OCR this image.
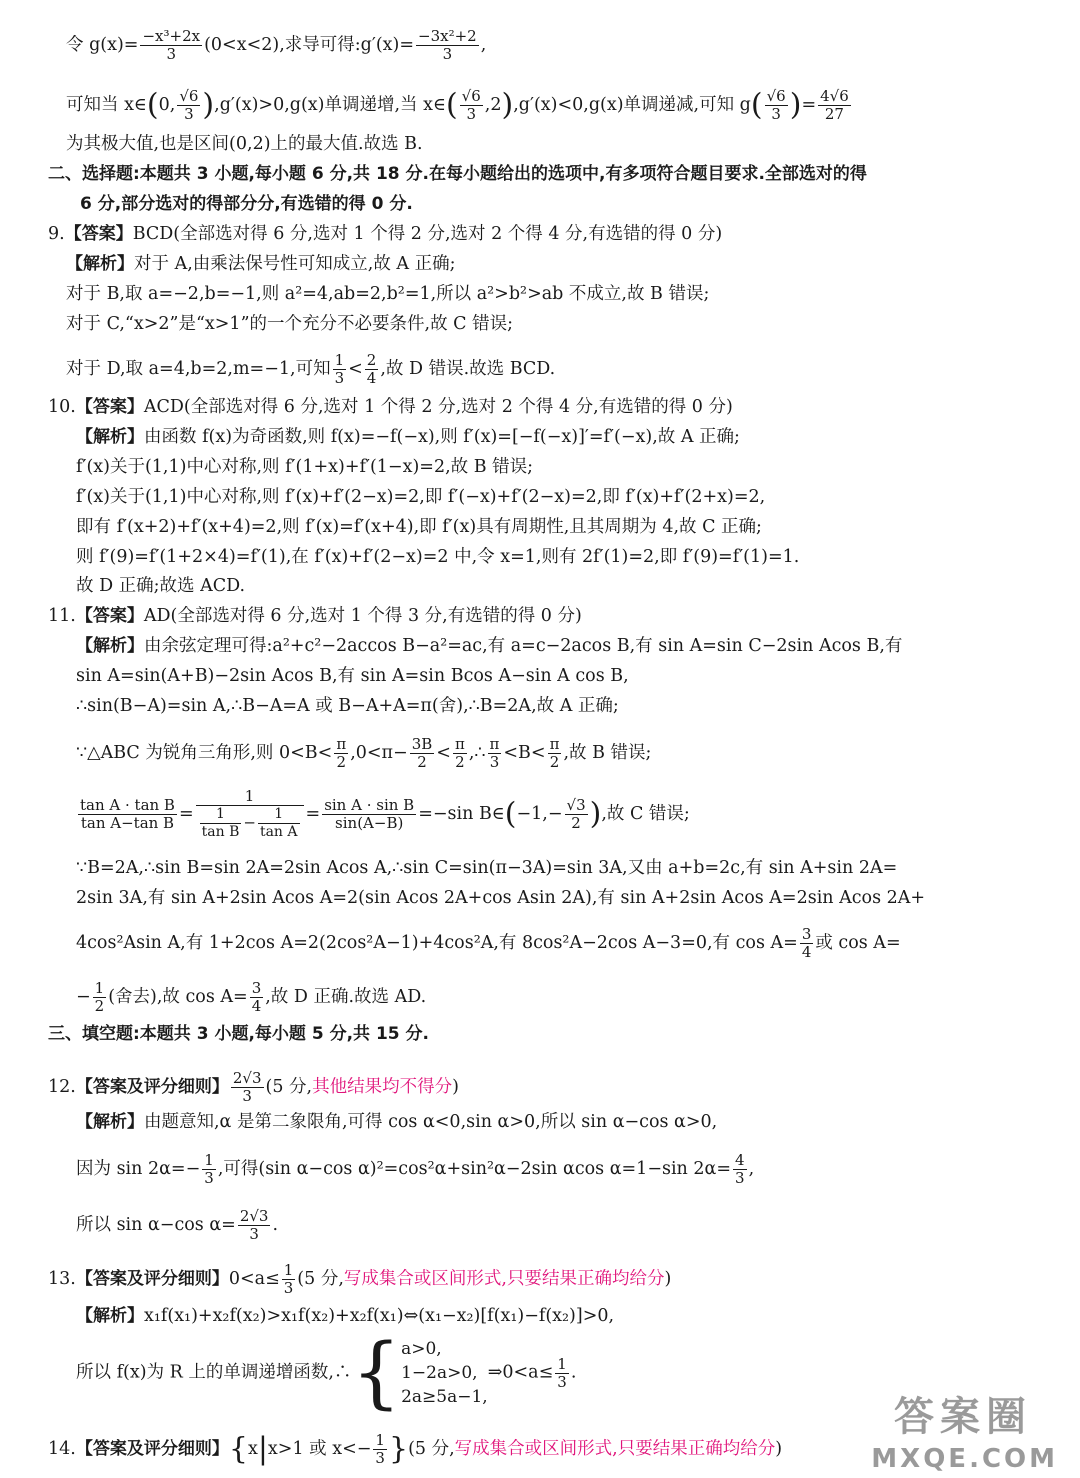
令 $g(x)= \frac{\text{−x³+2x}}{3} (0<x<2)$,求导可得:g′(x)= $\frac{\text{−3x²+2}}{3}$ ,
可知当 x∈(0, $\frac{√6}{3} ),g'(x)>0,g(x)$单调递增,当 x∈( $\frac{√6}{3} ,2),g'(x)<0,g(x)$单调递减,可知 $g( \frac{√6}{3}$ )= $\frac{4√6}{27}$
为其极大值,也是区间(0,2)上的最大值.故选 B.
二、选择题:本题共 3 小题,每小题 6 分,共 18 分.在每小题给出的选项中,有多项符合题目要求.全部选对的得
6 分,部分选对的得部分分,有选错的得 0 分.
9.【答案】BCD(全部选对得 6 分,选对 1 个得 2 分,选对 2 个得 4 分,有选错的得 0 分)
【解析】对于 A,由乘法保号性可知成立,故 A 正确;
对于 B,取 a=−2,b=−1,则 a²=4,ab=2,b²=1,所以 a²>b²>ab 不成立,故 B 错误;
对于 C,“x>2”是“x>1”的一个充分不必要条件,故 C 错误;
对于 D,取 a=4,b=2,m=−1,可知 $\frac{1}{3} < \frac{2}{4}$ ,故 D 错误.故选 BCD.
10.【答案】ACD(全部选对得 6 分,选对 1 个得 2 分,选对 2 个得 4 分,有选错的得 0 分)
【解析】由函数 f(x)为奇函数,则 f(x)=−f(−x),则 f′(x)=[−f(−x)]′=f′(−x),故 A 正确;
f′(x)关于(1,1)中心对称,则 f′(1+x)+f′(1−x)=2,故 B 错误;
f′(x)关于(1,1)中心对称,则 f′(x)+f′(2−x)=2,即 f′(−x)+f′(2−x)=2,即 f′(x)+f′(2+x)=2,
即有 f′(x+2)+f′(x+4)=2,则 f′(x)=f′(x+4),即 f′(x)具有周期性,且其周期为 4,故 C 正确;
则 f′(9)=f′(1+2×4)=f′(1),在 f′(x)+f′(2−x)=2 中,令 x=1,则有 2f′(1)=2,即 f′(9)=f′(1)=1.
故 D 正确;故选 ACD.
11.【答案】AD(全部选对得 6 分,选对 1 个得 3 分,有选错的得 0 分)
【解析】由余弦定理可得:a²+c²−2accos B−a²=ac,有 a=c−2acos B,有 sin A=sin C−2sin Acos B,有
sin A=sin(A+B)−2sin Acos B,有 sin A=sin Bcos A−sin A cos B,
∴sin(B−A)=sin A,∴B−A=A 或 B−A+A=π(舍),∴B=2A,故 A 正确;
∵△ABC 为锐角三角形,则 $0<B< \frac{\pi}{2} ,0<\pi- \frac{3B}{2} < \frac{\pi}{2}$ ,∴ $\frac{\pi}{3} <B< \frac{\pi}{2}$ ,故 B 错误;
$\frac{\text{tan A · tan B}}{\text{tan A−tan B}} = \frac{1}{\frac{1}{\text{tan B}} - \frac{1}{\text{tan A}}} = \frac{\text{sin A · sin B}}{\sin(A-B)} =-\sin$ B∈(−1,− $\frac{√3}{2}$ ),故 C 错误;
∵B=2A,∴sin B=sin 2A=2sin Acos A,∴sin C=sin(π−3A)=sin 3A,又由 a+b=2c,有 sin A+sin 2A=
2sin 3A,有 sin A+2sin Acos A=2(sin Acos 2A+cos Asin 2A),有 sin A+2sin Acos A=2sin Acos 2A+
4cos²Asin A,有 1+2cos A=2(2cos²A−1)+4cos²A,有 8cos²A−2cos A−3=0,有 $\cos A= \frac{3}{4}$ 或 cos A=
− $\frac{1}{2}$ (舍去),故 $\cos A= \frac{3}{4}$ ,故 D 正确.故选 AD.
三、填空题:本题共 3 小题,每小题 5 分,共 15 分.
12.【答案及评分细则】 $\frac{2√3}{3} (5$ 分,其他结果均不得分)
【解析】由题意知,α 是第二象限角,可得 cos α<0,sin α>0,所以 sin α−cos α>0,
因为 $\sin 2\alpha=- \frac{1}{3}$ ,可得(sin α−cos α)²=cos²α+sin²α−2sin αcos α=1−sin $2\alpha= \frac{4}{3}$ ,
所以 sin α−cos $\alpha= \frac{2√3}{3}$ .
13.【答案及评分细则】$0<a\le \frac{1}{3} (5$ 分,写成集合或区间形式,只要结果正确均给分)
【解析】x₁f(x₁)+x₂f(x₂)>x₁f(x₂)+x₂f(x₁)⇔(x₁−x₂)[f(x₁)−f(x₂)]>0,
所以 f(x)为 R 上的单调递增函数,∴{ a>0,
1−2a>0,
2a≥5a−1,
⇒0<a≤ $\frac{1}{3}$ .
14.【答案及评分细则】{x|x>1 或 $x<- \frac{1}{3} \}(5$ 分,写成集合或区间形式,只要结果正确均给分)
答案圈
MXQE.COM
